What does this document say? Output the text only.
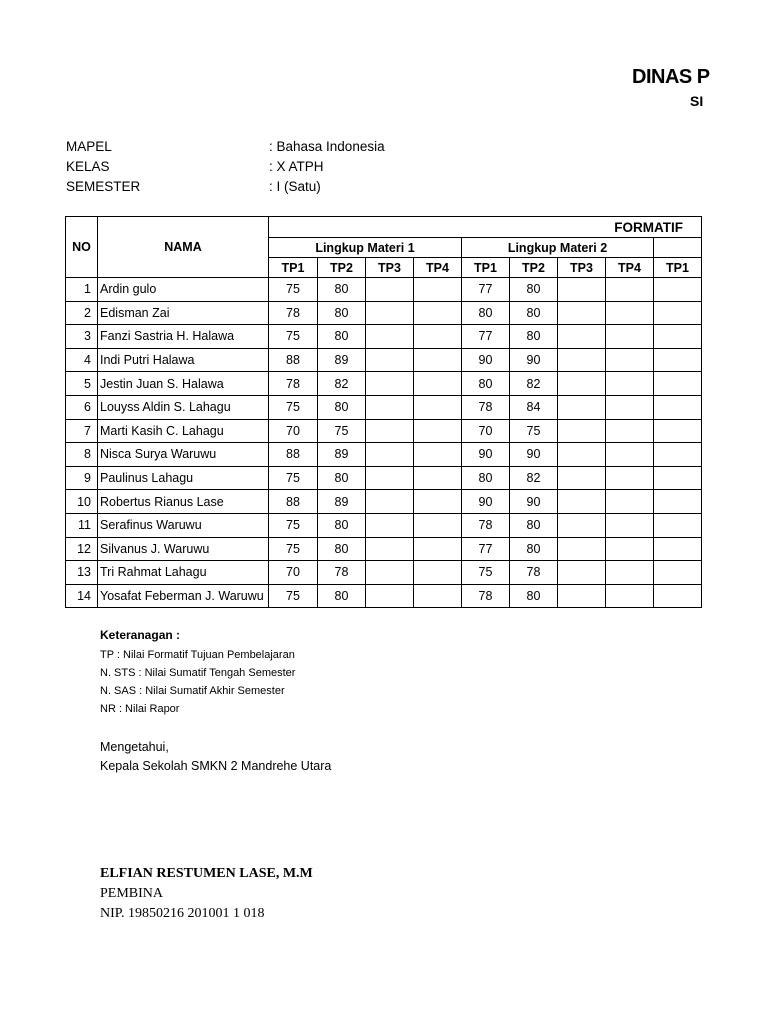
DINAS P
SI
MAPEL	: Bahasa Indonesia
KELAS	: X ATPH
SEMESTER	: I (Satu)
NO	NAMA	FORMATIF								
		Lingkup Materi 1				Lingkup Materi 2				
		TP1	TP2	TP3	TP4	TP1	TP2	TP3	TP4	TP1
1	Ardin gulo	75	80			77	80			
2	Edisman Zai	78	80			80	80			
3	Fanzi Sastria H. Halawa	75	80			77	80			
4	Indi Putri Halawa	88	89			90	90			
5	Jestin Juan S. Halawa	78	82			80	82			
6	Louyss Aldin S. Lahagu	75	80			78	84			
7	Marti Kasih C. Lahagu	70	75			70	75			
8	Nisca Surya Waruwu	88	89			90	90			
9	Paulinus Lahagu	75	80			80	82			
10	Robertus Rianus Lase	88	89			90	90			
11	Serafinus Waruwu	75	80			78	80			
12	Silvanus J. Waruwu	75	80			77	80			
13	Tri Rahmat Lahagu	70	78			75	78			
14	Yosafat Feberman J. Waruwu	75	80			78	80			
Keteranagan :
TP : Nilai Formatif Tujuan Pembelajaran
N. STS : Nilai Sumatif Tengah Semester
N. SAS : Nilai Sumatif Akhir Semester
NR : Nilai Rapor
Mengetahui,
Kepala Sekolah SMKN 2 Mandrehe Utara
ELFIAN RESTUMEN LASE, M.M
PEMBINA
NIP. 19850216 201001 1 018
